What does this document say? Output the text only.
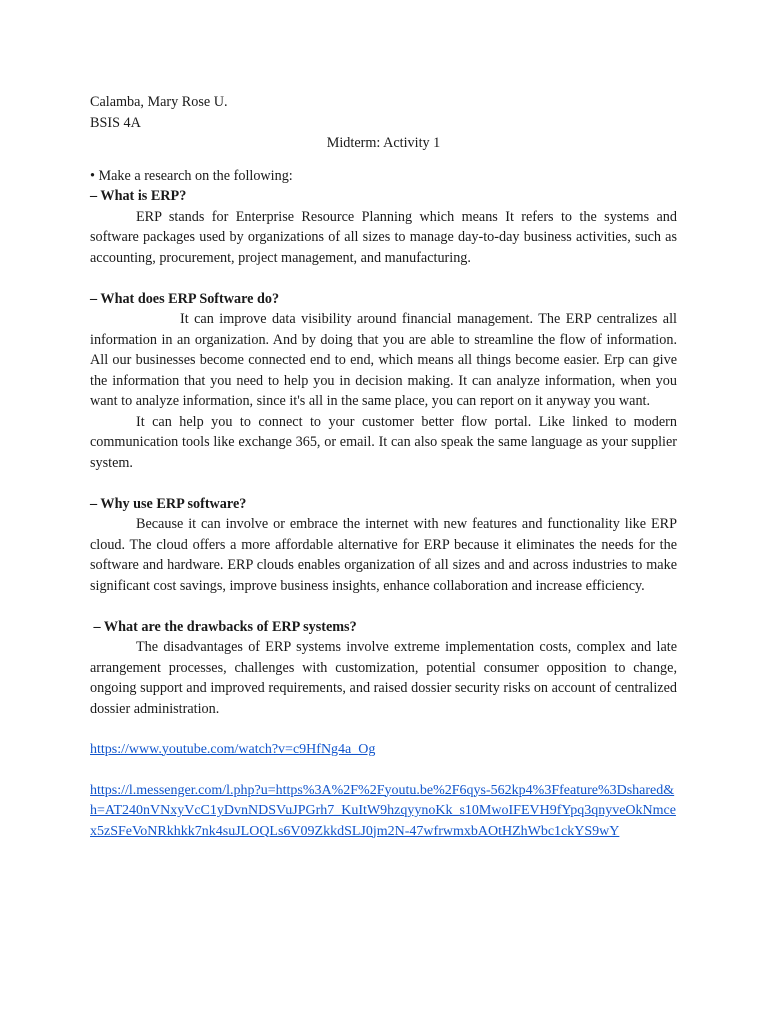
Calamba, Mary Rose U.

BSIS 4A

Midterm: Activity 1

• Make a research on the following:

– What is ERP?

ERP stands for Enterprise Resource Planning which means It refers to the systems and software packages used by organizations of all sizes to manage day-to-day business activities, such as accounting, procurement, project management, and manufacturing.

– What does ERP Software do?

It can improve data visibility around financial management. The ERP centralizes all information in an organization. And by doing that you are able to streamline the flow of information. All our businesses become connected end to end, which means all things become easier. Erp can give the information that you need to help you in decision making. It can analyze information, when you want to analyze information, since it's all in the same place, you can report on it anyway you want.

It can help you to connect to your customer better flow portal. Like linked to modern communication tools like exchange 365, or email. It can also speak the same language as your supplier system.

– Why use ERP software?

Because it can involve or embrace the internet with new features and functionality like ERP cloud. The cloud offers a more affordable alternative for ERP because it eliminates the needs for the software and hardware. ERP clouds enables organization of all sizes and and across industries to make significant cost savings, improve business insights, enhance collaboration and increase efficiency.

– What are the drawbacks of ERP systems?

The disadvantages of ERP systems involve extreme implementation costs, complex and late arrangement processes, challenges with customization, potential consumer opposition to change, ongoing support and improved requirements, and raised dossier security risks on account of centralized dossier administration.

https://www.youtube.com/watch?v=c9HfNg4a_Og

https://l.messenger.com/l.php?u=https%3A%2F%2Fyoutu.be%2F6qys-562kp4%3Ffeature%3Dshared&h=AT240nVNxyVcC1yDvnNDSVuJPGrh7_KuItW9hzqyynoKk_s10MwoIFEVH9fYpq3qnyveOkNmcex5zSFeVoNRkhkk7nk4suJLOQLs6V09ZkkdSLJ0jm2N-47wfrwmxbAOtHZhWbc1ckYS9wY
